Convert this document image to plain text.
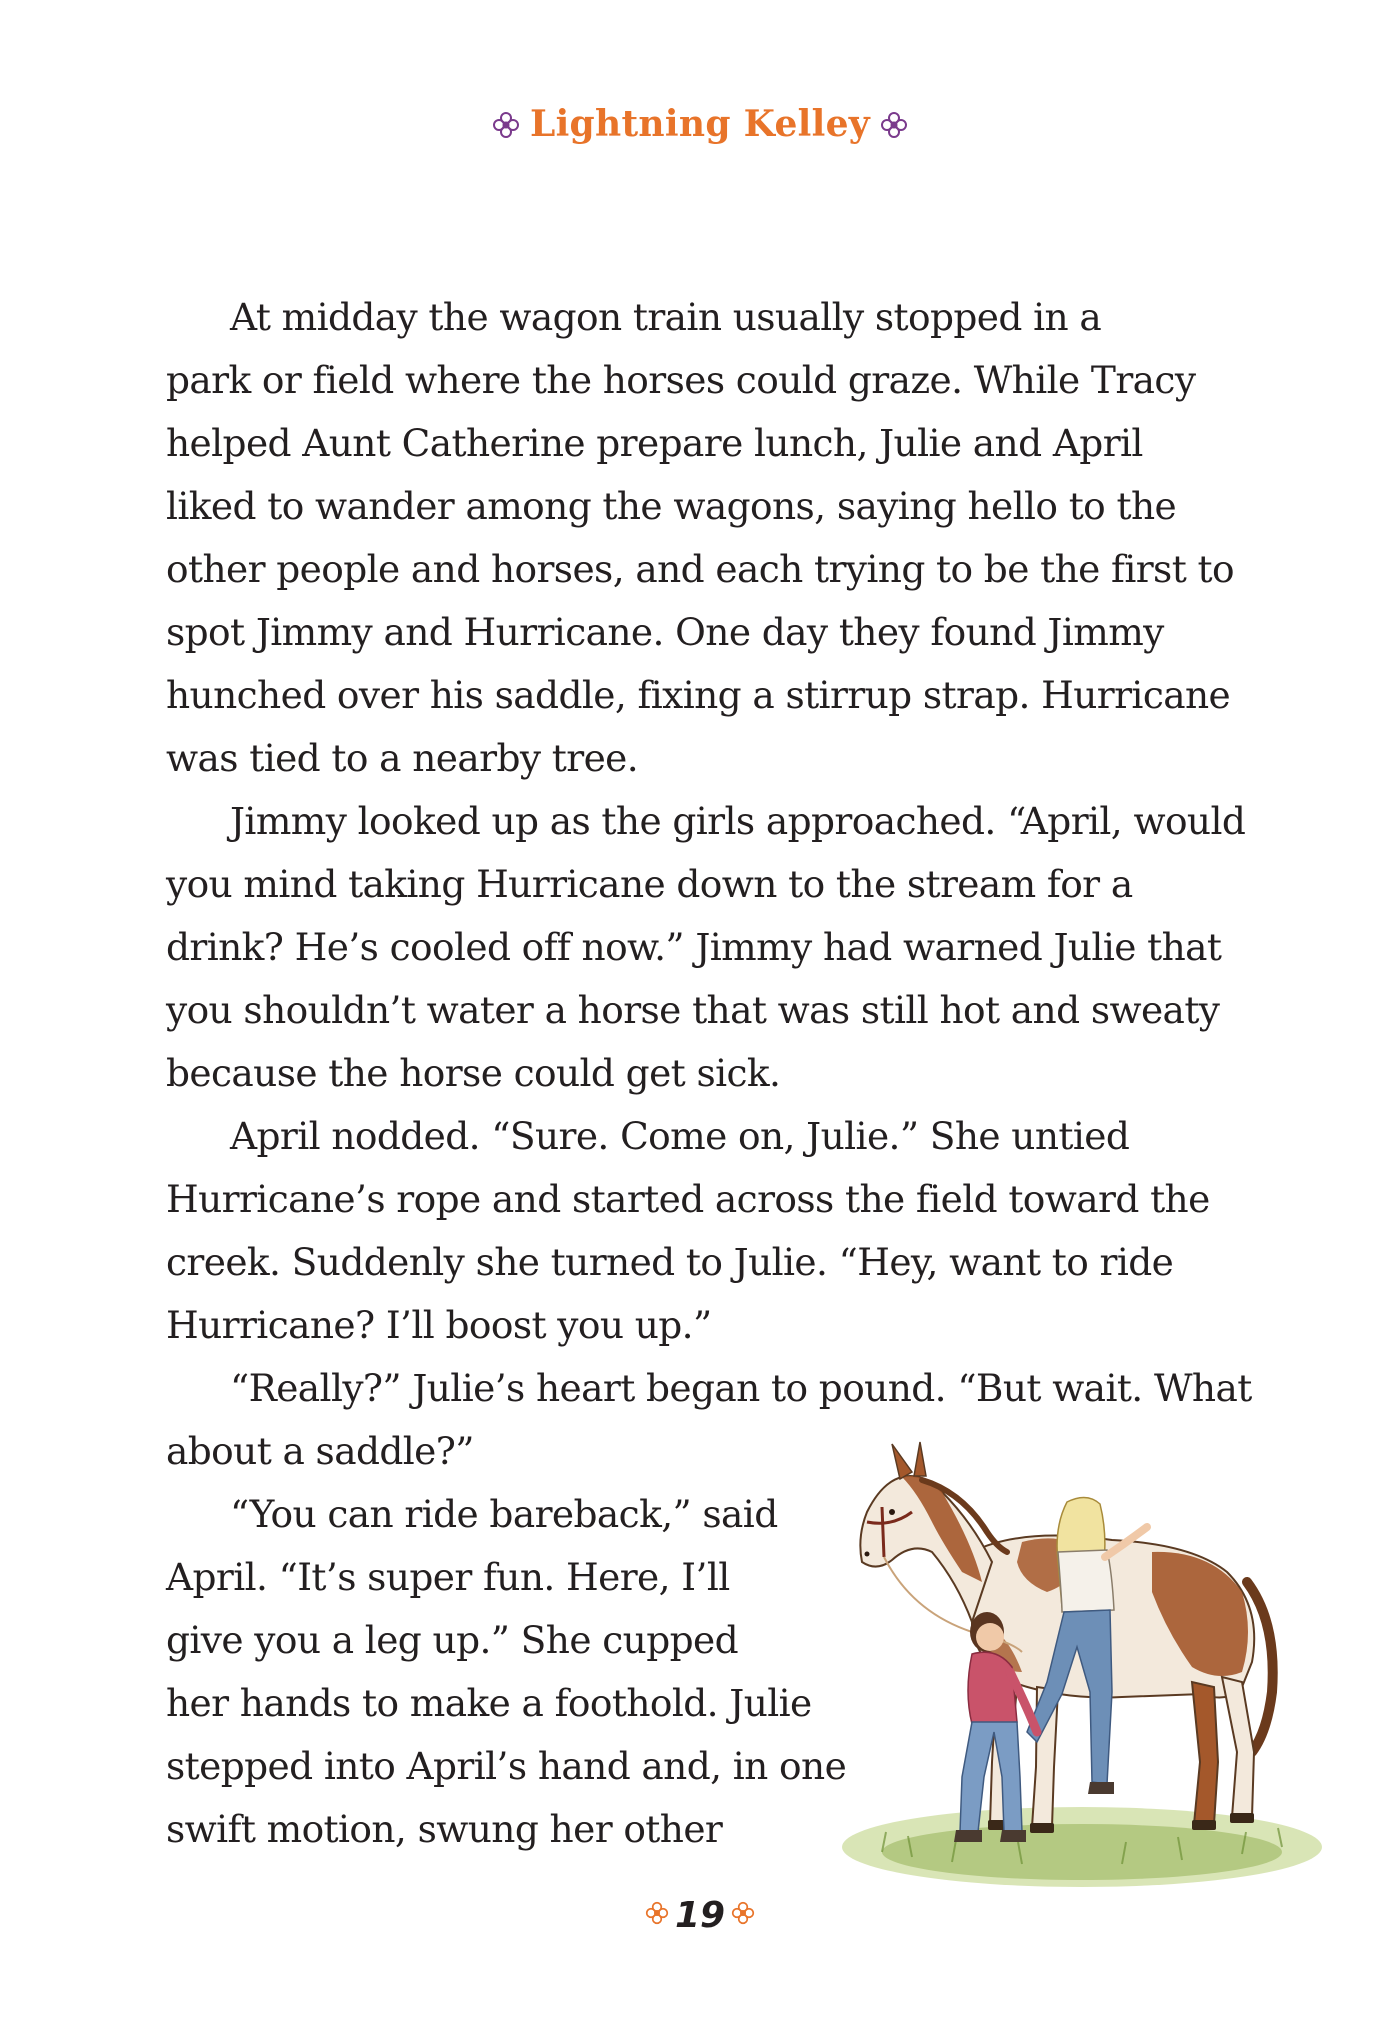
Lightning Kelley
At midday the wagon train usually stopped in a
park or field where the horses could graze. While Tracy
helped Aunt Catherine prepare lunch, Julie and April
liked to wander among the wagons, saying hello to the
other people and horses, and each trying to be the first to
spot Jimmy and Hurricane. One day they found Jimmy
hunched over his saddle, fixing a stirrup strap. Hurricane
was tied to a nearby tree.
Jimmy looked up as the girls approached. “April, would
you mind taking Hurricane down to the stream for a
drink? He’s cooled off now.” Jimmy had warned Julie that
you shouldn’t water a horse that was still hot and sweaty
because the horse could get sick.
April nodded. “Sure. Come on, Julie.” She untied
Hurricane’s rope and started across the field toward the
creek. Suddenly she turned to Julie. “Hey, want to ride
Hurricane? I’ll boost you up.”
“Really?” Julie’s heart began to pound. “But wait. What
about a saddle?”
“You can ride bareback,” said
April. “It’s super fun. Here, I’ll
give you a leg up.” She cupped
her hands to make a foothold. Julie
stepped into April’s hand and, in one
swift motion, swung her other
19
